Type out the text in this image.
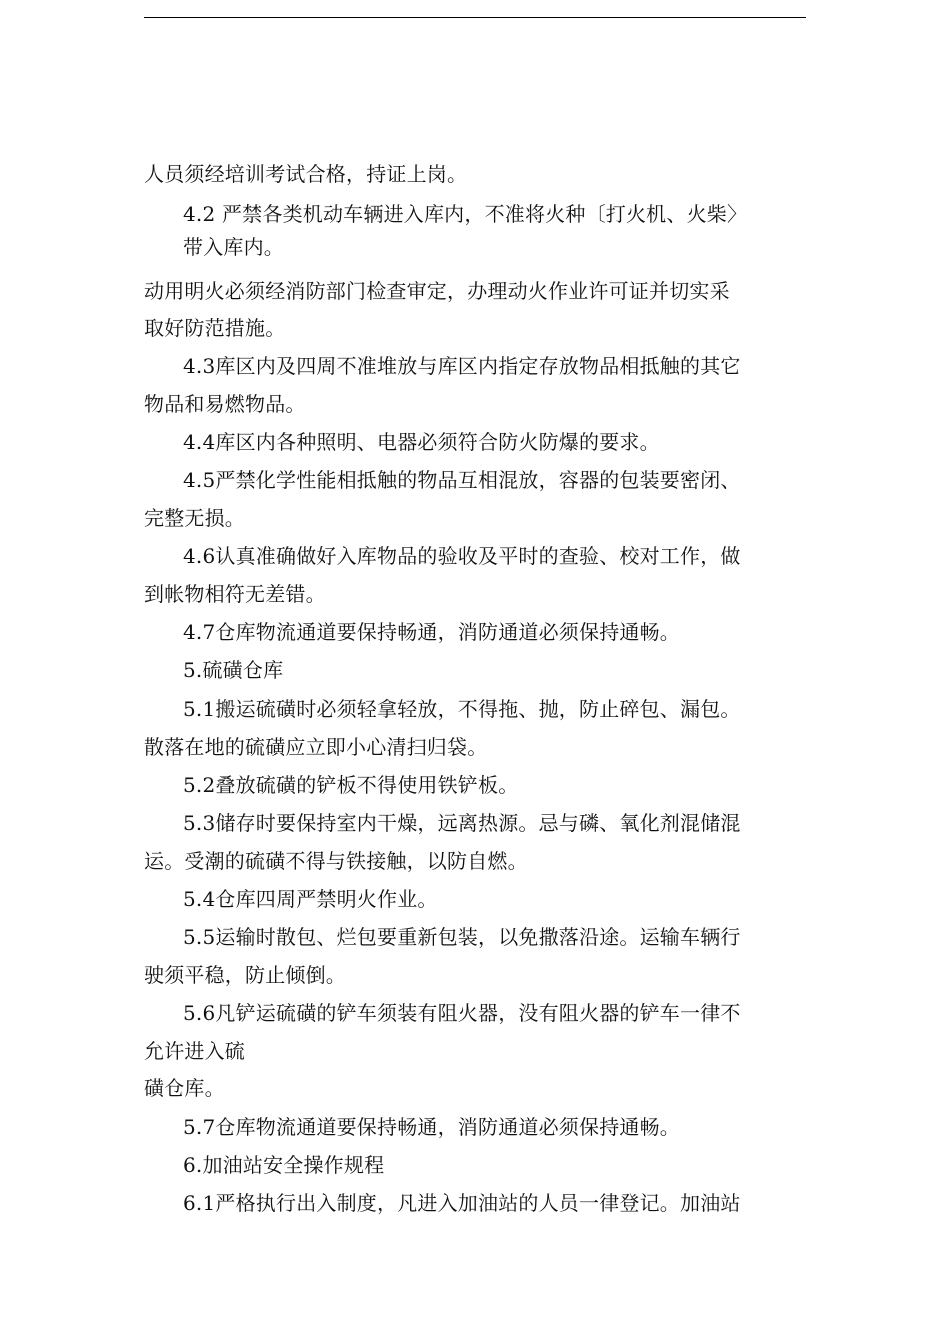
人员须经培训考试合格，持证上岗。
4.2 严禁各类机动车辆进入库内，不准将火种〔打火机、火柴〉
带入库内。
动用明火必须经消防部门检查审定，办理动火作业许可证并切实采
取好防范措施。
4.3库区内及四周不准堆放与库区内指定存放物品相抵触的其它
物品和易燃物品。
4.4库区内各种照明、电器必须符合防火防爆的要求。
4.5严禁化学性能相抵触的物品互相混放，容器的包装要密闭、
完整无损。
4.6认真准确做好入库物品的验收及平时的查验、校对工作，做
到帐物相符无差错。
4.7仓库物流通道要保持畅通，消防通道必须保持通畅。
5.硫磺仓库
5.1搬运硫磺时必须轻拿轻放，不得拖、抛，防止碎包、漏包。
散落在地的硫磺应立即小心清扫归袋。
5.2叠放硫磺的铲板不得使用铁铲板。
5.3储存时要保持室内干燥，远离热源。忌与磷、氧化剂混储混
运。受潮的硫磺不得与铁接触，以防自燃。
5.4仓库四周严禁明火作业。
5.5运输时散包、烂包要重新包装，以免撒落沿途。运输车辆行
驶须平稳，防止倾倒。
5.6凡铲运硫磺的铲车须装有阻火器，没有阻火器的铲车一律不
允许进入硫
磺仓库。
5.7仓库物流通道要保持畅通，消防通道必须保持通畅。
6.加油站安全操作规程
6.1严格执行出入制度，凡进入加油站的人员一律登记。加油站
